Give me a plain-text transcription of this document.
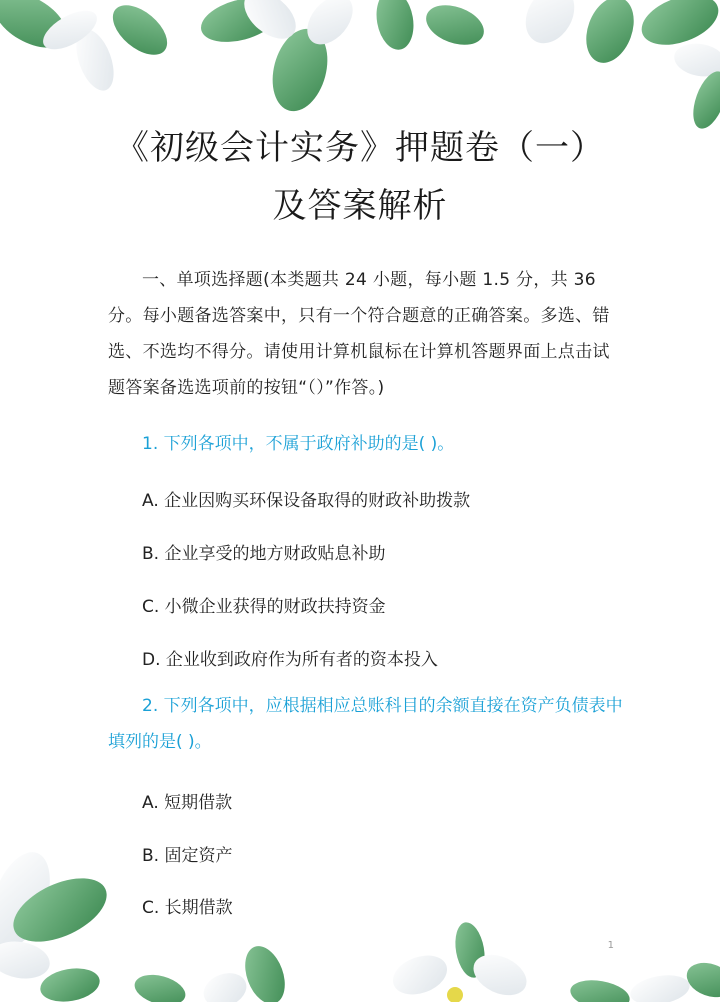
《初级会计实务》押题卷（一）
及答案解析
一、单项选择题(本类题共 24 小题，每小题 1.5 分，共 36 分。每小题备选答案中，只有一个符合题意的正确答案。多选、错选、不选均不得分。请使用计算机鼠标在计算机答题界面上点击试题答案备选选项前的按钮“（）”作答。)
1. 下列各项中，不属于政府补助的是( )。
A. 企业因购买环保设备取得的财政补助拨款
B. 企业享受的地方财政贴息补助
C. 小微企业获得的财政扶持资金
D. 企业收到政府作为所有者的资本投入
2. 下列各项中，应根据相应总账科目的余额直接在资产负债表中填列的是( )。
A. 短期借款
B. 固定资产
C. 长期借款
1
